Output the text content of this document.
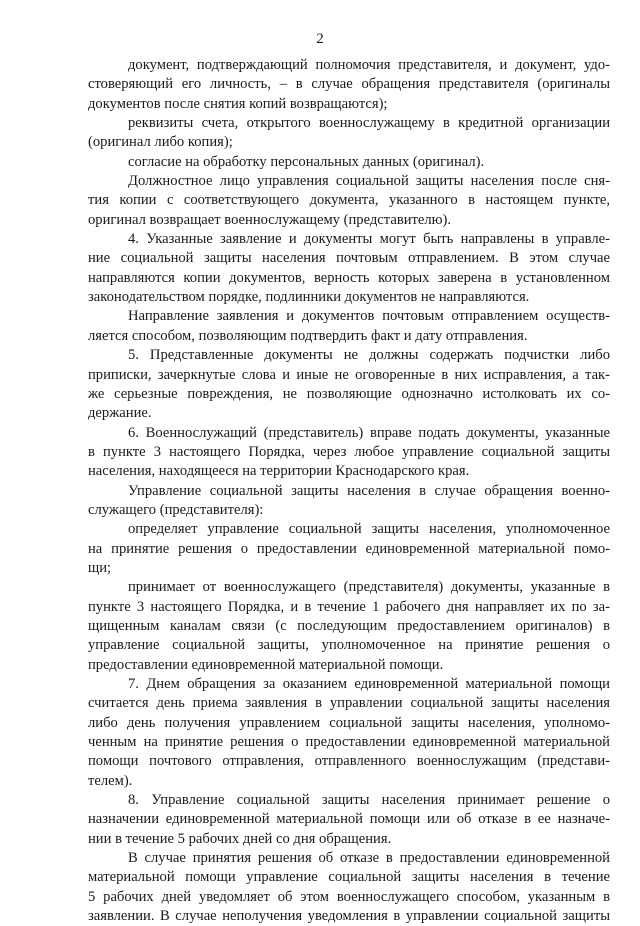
2
документ, подтверждающий полномочия представителя, и документ, удо-
стоверяющий его личность, – в случае обращения представителя (оригиналы
документов после снятия копий возвращаются);
реквизиты счета, открытого военнослужащему в кредитной организации
(оригинал либо копия);
согласие на обработку персональных данных (оригинал).
Должностное лицо управления социальной защиты населения после сня-
тия копии с соответствующего документа, указанного в настоящем пункте,
оригинал возвращает военнослужащему (представителю).
4. Указанные заявление и документы могут быть направлены в управле-
ние социальной защиты населения почтовым отправлением. В этом случае
направляются копии документов, верность которых заверена в установленном
законодательством порядке, подлинники документов не направляются.
Направление заявления и документов почтовым отправлением осуществ-
ляется способом, позволяющим подтвердить факт и дату отправления.
5. Представленные документы не должны содержать подчистки либо
приписки, зачеркнутые слова и иные не оговоренные в них исправления, а так-
же серьезные повреждения, не позволяющие однозначно истолковать их со-
держание.
6. Военнослужащий (представитель) вправе подать документы, указанные
в пункте 3 настоящего Порядка, через любое управление социальной защиты
населения, находящееся на территории Краснодарского края.
Управление социальной защиты населения в случае обращения военно-
служащего (представителя):
определяет управление социальной защиты населения, уполномоченное
на принятие решения о предоставлении единовременной материальной помо-
щи;
принимает от военнослужащего (представителя) документы, указанные в
пункте 3 настоящего Порядка, и в течение 1 рабочего дня направляет их по за-
щищенным каналам связи (с последующим предоставлением оригиналов) в
управление социальной защиты, уполномоченное на принятие решения о
предоставлении единовременной материальной помощи.
7. Днем обращения за оказанием единовременной материальной помощи
считается день приема заявления в управлении социальной защиты населения
либо день получения управлением социальной защиты населения, уполномо-
ченным на принятие решения о предоставлении единовременной материальной
помощи почтового отправления, отправленного военнослужащим (представи-
телем).
8. Управление социальной защиты населения принимает решение о
назначении единовременной материальной помощи или об отказе в ее назначе-
нии в течение 5 рабочих дней со дня обращения.
В случае принятия решения об отказе в предоставлении единовременной
материальной помощи управление социальной защиты населения в течение
5 рабочих дней уведомляет об этом военнослужащего способом, указанным в
заявлении. В случае неполучения уведомления в управлении социальной защиты
